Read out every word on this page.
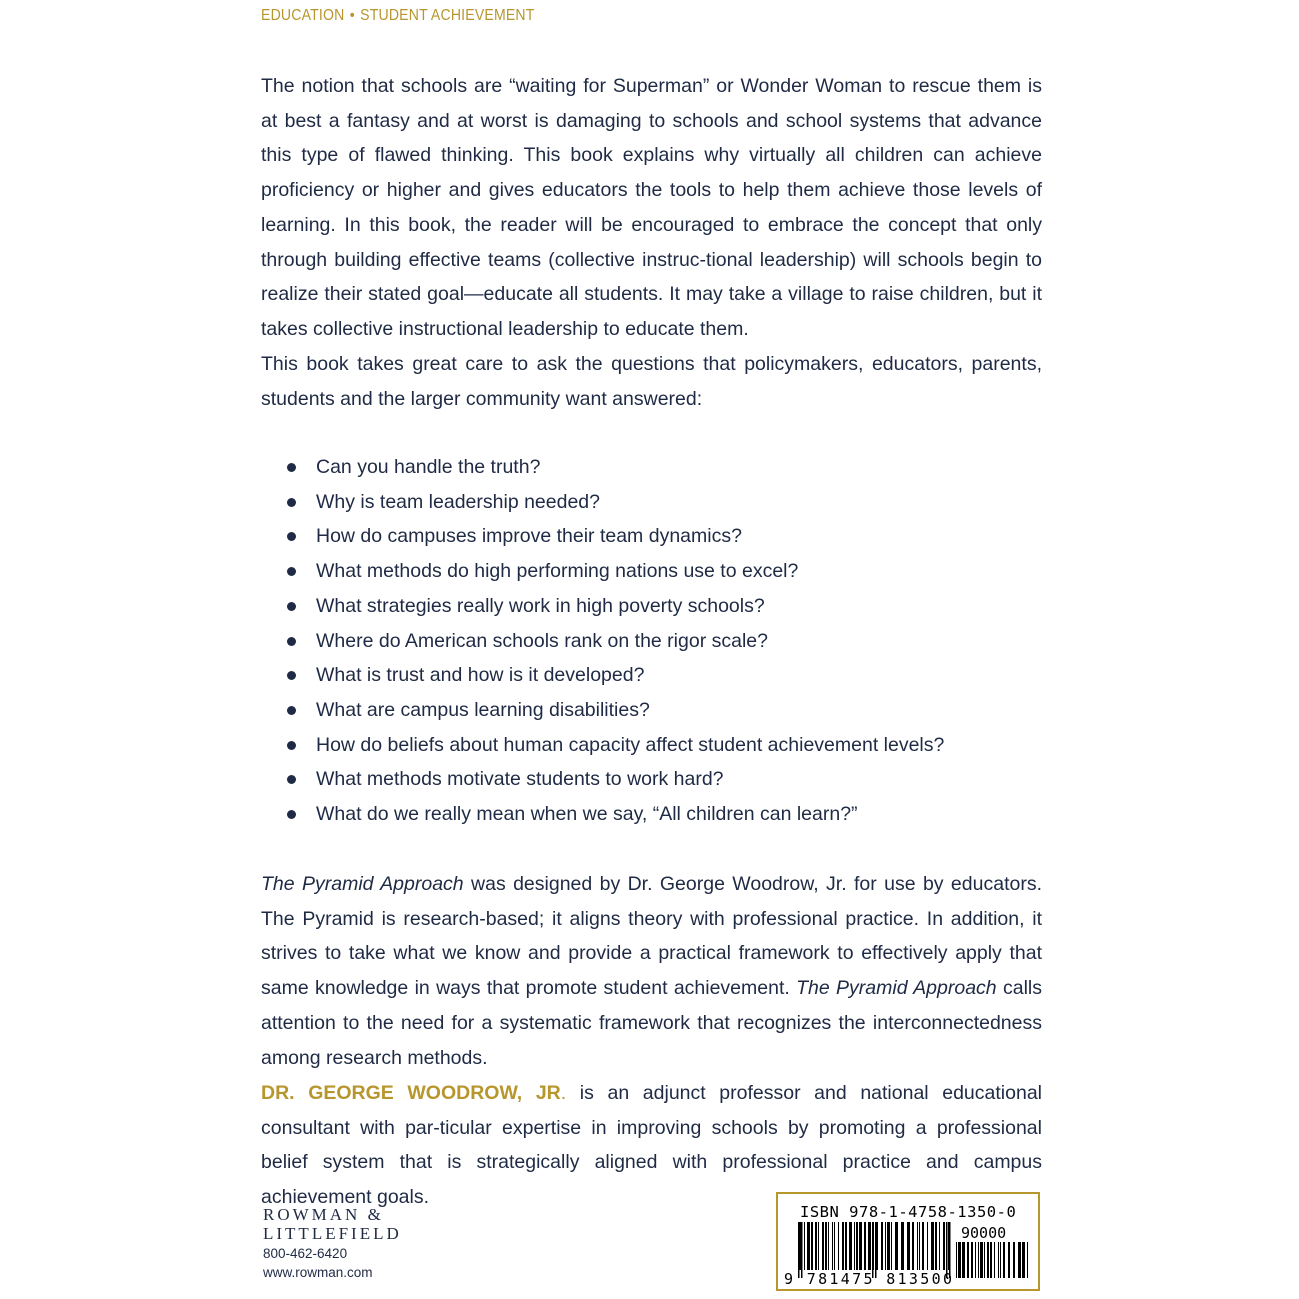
EDUCATION • STUDENT ACHIEVEMENT

The notion that schools are “waiting for Superman” or Wonder Woman to rescue them is at best a fantasy and at worst is damaging to schools and school systems that advance this type of flawed thinking. This book explains why virtually all children can achieve proficiency or higher and gives educators the tools to help them achieve those levels of learning. In this book, the reader will be encouraged to embrace the concept that only through building effective teams (collective instruc-tional leadership) will schools begin to realize their stated goal—educate all students. It may take a village to raise children, but it takes collective instructional leadership to educate them.

This book takes great care to ask the questions that policymakers, educators, parents, students and the larger community want answered:

Can you handle the truth?
Why is team leadership needed?
How do campuses improve their team dynamics?
What methods do high performing nations use to excel?
What strategies really work in high poverty schools?
Where do American schools rank on the rigor scale?
What is trust and how is it developed?
What are campus learning disabilities?
How do beliefs about human capacity affect student achievement levels?
What methods motivate students to work hard?
What do we really mean when we say, “All children can learn?”

The Pyramid Approach was designed by Dr. George Woodrow, Jr. for use by educators. The Pyramid is research-based; it aligns theory with professional practice. In addition, it strives to take what we know and provide a practical framework to effectively apply that same knowledge in ways that promote student achievement. The Pyramid Approach calls attention to the need for a systematic framework that recognizes the interconnectedness among research methods.

DR. GEORGE WOODROW, JR. is an adjunct professor and national educational consultant with par-ticular expertise in improving schools by promoting a professional belief system that is strategically aligned with professional practice and campus achievement goals.

ROWMAN &
LITTLEFIELD
800-462-6420
www.rowman.com
ISBN 978-1-4758-1350-0
90000
9 781475 813500
